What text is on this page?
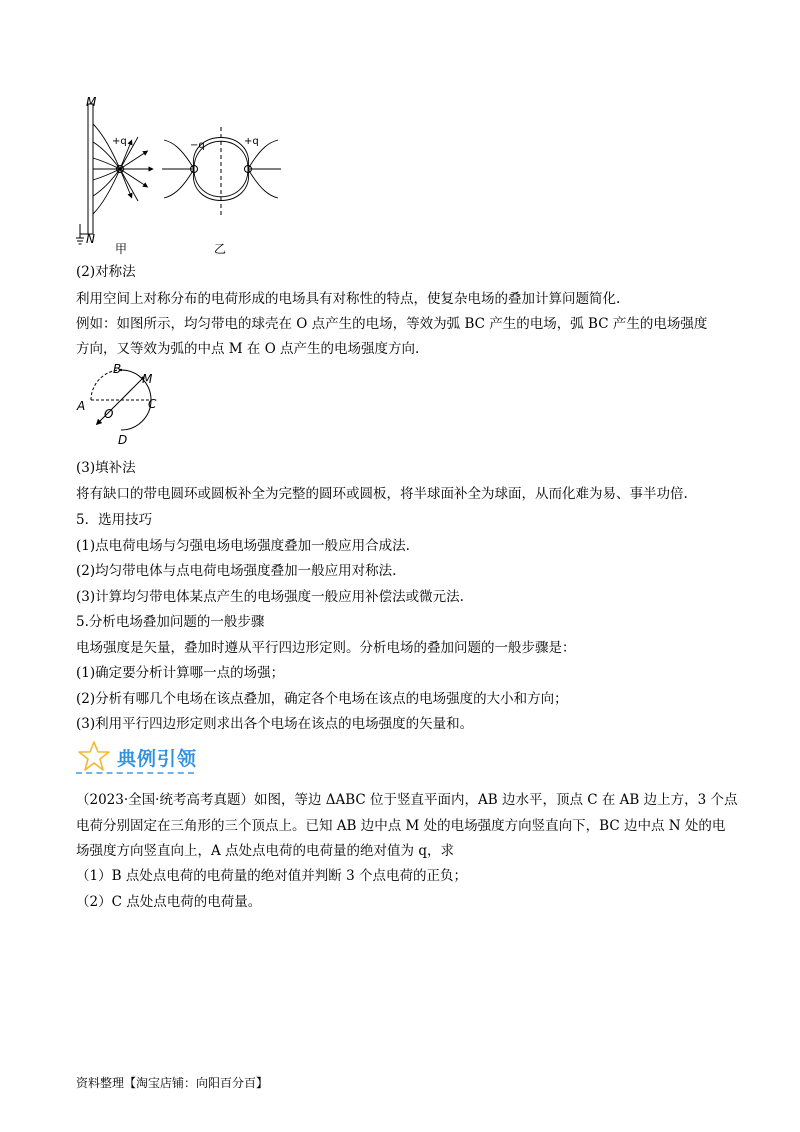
M
N
+q	−q	+q
甲	乙
(2)对称法
利用空间上对称分布的电荷形成的电场具有对称性的特点，使复杂电场的叠加计算问题简化.
例如：如图所示，均匀带电的球壳在 O 点产生的电场，等效为弧 BC 产生的电场，弧 BC 产生的电场强度
方向，又等效为弧的中点 M 在 O 点产生的电场强度方向.
A
B
C
D
M
O
(3)填补法
将有缺口的带电圆环或圆板补全为完整的圆环或圆板，将半球面补全为球面，从而化难为易、事半功倍.
5．选用技巧
(1)点电荷电场与匀强电场电场强度叠加一般应用合成法.
(2)均匀带电体与点电荷电场强度叠加一般应用对称法.
(3)计算均匀带电体某点产生的电场强度一般应用补偿法或微元法.
5.分析电场叠加问题的一般步骤
电场强度是矢量，叠加时遵从平行四边形定则。分析电场的叠加问题的一般步骤是：
(1)确定要分析计算哪一点的场强；
(2)分析有哪几个电场在该点叠加，确定各个电场在该点的电场强度的大小和方向；
(3)利用平行四边形定则求出各个电场在该点的电场强度的矢量和。
典例引领
（2023·全国·统考高考真题）如图，等边 ΔABC 位于竖直平面内，AB 边水平，顶点 C 在 AB 边上方，3 个点
电荷分别固定在三角形的三个顶点上。已知 AB 边中点 M 处的电场强度方向竖直向下，BC 边中点 N 处的电
场强度方向竖直向上，A 点处点电荷的电荷量的绝对值为 q，求
（1）B 点处点电荷的电荷量的绝对值并判断 3 个点电荷的正负；
（2）C 点处点电荷的电荷量。
资料整理【淘宝店铺：向阳百分百】
